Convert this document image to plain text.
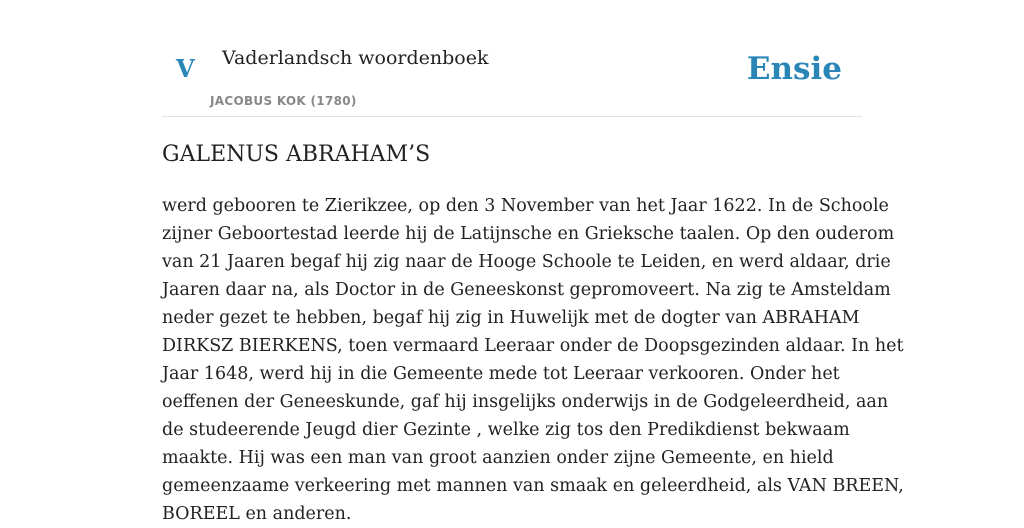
V Vaderlandsch woordenboek
JACOBUS KOK (1780)
Ensie
GALENUS ABRAHAM’S

werd gebooren te Zierikzee, op den 3 November van het Jaar 1622. In de Schoole
zijner Geboortestad leerde hij de Latijnsche en Grieksche taalen. Op den ouderom
van 21 Jaaren begaf hij zig naar de Hooge Schoole te Leiden, en werd aldaar, drie
Jaaren daar na, als Doctor in de Geneeskonst gepromoveert. Na zig te Amsteldam
neder gezet te hebben, begaf hij zig in Huwelijk met de dogter van ABRAHAM
DIRKSZ BIERKENS, toen vermaard Leeraar onder de Doopsgezinden aldaar. In het
Jaar 1648, werd hij in die Gemeente mede tot Leeraar verkooren. Onder het
oeffenen der Geneeskunde, gaf hij insgelijks onderwijs in de Godgeleerdheid, aan
de studeerende Jeugd dier Gezinte , welke zig tos den Predikdienst bekwaam
maakte. Hij was een man van groot aanzien onder zijne Gemeente, en hield
gemeenzaame verkeering met mannen van smaak en geleerdheid, als VAN BREEN,
BOREEL en anderen.
